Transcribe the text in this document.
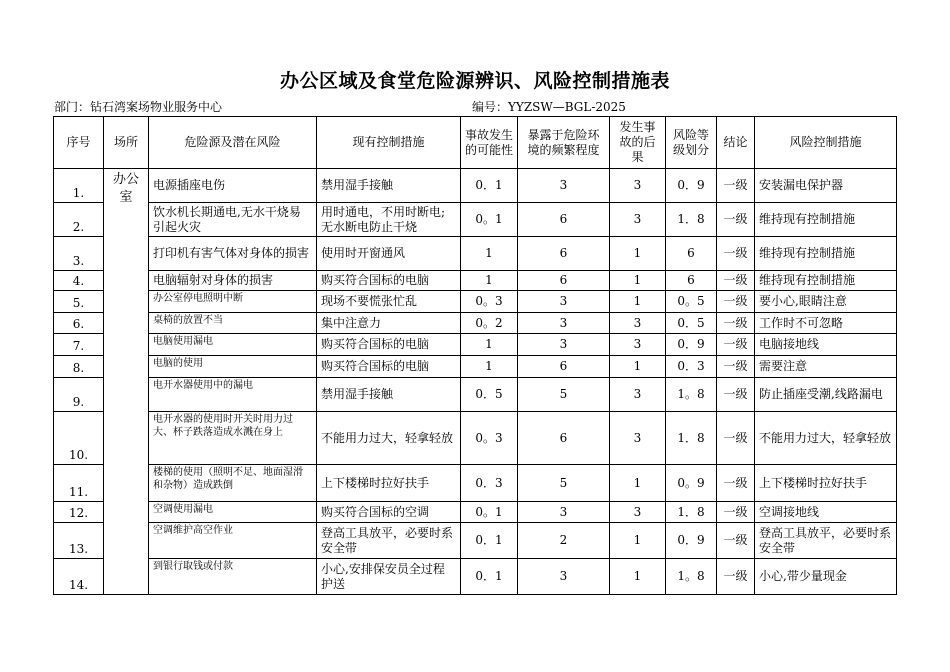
办公区域及食堂危险源辨识、风险控制措施表
部门：钻石湾案场物业服务中心	编号：YYZSW—BGL-2025
序号	场所	危险源及潜在风险	现有控制措施	事故发生的可能性	暴露于危险环境的频繁程度	发生事故的后果	风险等级划分	结论	风险控制措施
1.	办公室	电源插座电伤	禁用湿手接触	0．1	3	3	0．9	一级	安装漏电保护器
2.		饮水机长期通电,无水干烧易引起火灾	用时通电，不用时断电;无水断电防止干烧	0。1	6	3	1．8	一级	维持现有控制措施
3.		打印机有害气体对身体的损害	使用时开窗通风	1	6	1	6	一级	维持现有控制措施
4.		电脑辐射对身体的损害	购买符合国标的电脑	1	6	1	6	一级	维持现有控制措施
5.		办公室停电照明中断	现场不要慌张忙乱	0。3	3	1	0。5	一级	要小心,眼睛注意
6.		桌椅的放置不当	集中注意力	0。2	3	3	0．5	一级	工作时不可忽略
7.		电脑使用漏电	购买符合国标的电脑	1	3	3	0．9	一级	电脑接地线
8.		电脑的使用	购买符合国标的电脑	1	6	1	0．3	一级	需要注意
9.		电开水器使用中的漏电	禁用湿手接触	0．5	5	3	1。8	一级	防止插座受潮,线路漏电
10.		电开水器的使用时开关时用力过大、杯子跌落造成水溅在身上	不能用力过大，轻拿轻放	0。3	6	3	1．8	一级	不能用力过大，轻拿轻放
11.		楼梯的使用（照明不足、地面湿滑和杂物）造成跌倒	上下楼梯时拉好扶手	0．3	5	1	0。9	一级	上下楼梯时拉好扶手
12.		空调使用漏电	购买符合国标的空调	0。1	3	3	1．8	一级	空调接地线
13.		空调维护高空作业	登高工具放平，必要时系安全带	0．1	2	1	0．9	一级	登高工具放平，必要时系安全带
14.		到银行取钱或付款	小心,安排保安员全过程护送	0．1	3	1	1。8	一级	小心,带少量现金
